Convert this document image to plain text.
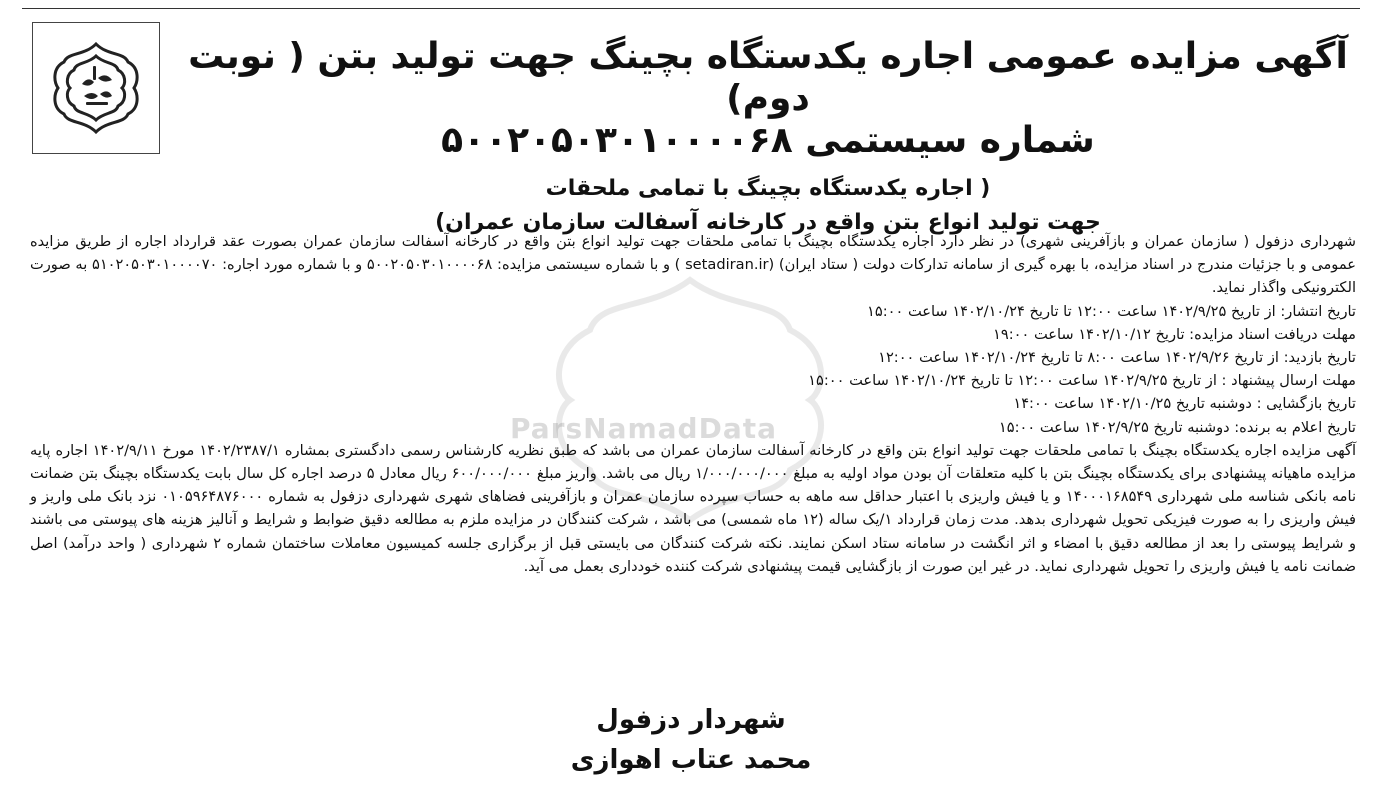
آگهی مزایده عمومی اجاره یکدستگاه بچینگ جهت تولید بتن ( نوبت دوم)
شماره سیستمی ۵۰۰۲۰۵۰۳۰۱۰۰۰۰۶۸
( اجاره یکدستگاه بچینگ با تمامی ملحقات
جهت تولید انواع بتن واقع در کارخانه آسفالت سازمان عمران)
ParsNamadData

شهرداری دزفول ( سازمان عمران و بازآفرینی شهری) در نظر دارد اجاره یکدستگاه بچینگ با تمامی ملحقات جهت تولید انواع بتن واقع در کارخانه آسفالت سازمان عمران بصورت عقد قرارداد اجاره از طریق مزایده عمومی و با جزئیات مندرج در اسناد مزایده، با بهره گیری از سامانه تدارکات دولت ( ستاد ایران) (setadiran.ir ) و با شماره سیستمی مزایده: ۵۰۰۲۰۵۰۳۰۱۰۰۰۰۶۸ و با شماره مورد اجاره: ۵۱۰۲۰۵۰۳۰۱۰۰۰۰۷۰ به صورت الکترونیکی واگذار نماید.

تاریخ انتشار: از تاریخ ۱۴۰۲/۹/۲۵ ساعت ۱۲:۰۰ تا تاریخ ۱۴۰۲/۱۰/۲۴ ساعت ۱۵:۰۰
مهلت دریافت اسناد مزایده: تاریخ ۱۴۰۲/۱۰/۱۲ ساعت ۱۹:۰۰
تاریخ بازدید: از تاریخ ۱۴۰۲/۹/۲۶ ساعت ۸:۰۰ تا تاریخ ۱۴۰۲/۱۰/۲۴ ساعت ۱۲:۰۰
مهلت ارسال پیشنهاد : از تاریخ ۱۴۰۲/۹/۲۵ ساعت ۱۲:۰۰ تا تاریخ ۱۴۰۲/۱۰/۲۴ ساعت ۱۵:۰۰
تاریخ بازگشایی : دوشنبه تاریخ ۱۴۰۲/۱۰/۲۵ ساعت ۱۴:۰۰
تاریخ اعلام به برنده: دوشنبه تاریخ ۱۴۰۲/۹/۲۵ ساعت ۱۵:۰۰

آگهی مزایده اجاره یکدستگاه بچینگ با تمامی ملحقات جهت تولید انواع بتن واقع در کارخانه آسفالت سازمان عمران می باشد که طبق نظریه کارشناس رسمی دادگستری بمشاره ۱۴۰۲/۲۳۸۷/۱ مورخ ۱۴۰۲/۹/۱۱ اجاره پایه مزایده ماهیانه پیشنهادی برای یکدستگاه بچینگ بتن با کلیه متعلقات آن بودن مواد اولیه به مبلغ ۱/۰۰۰/۰۰۰/۰۰۰ ریال می باشد. واریز مبلغ ۶۰۰/۰۰۰/۰۰۰ ریال معادل ۵ درصد اجاره کل سال بابت یکدستگاه بچینگ بتن ضمانت نامه بانکی شناسه ملی شهرداری ۱۴۰۰۰۱۶۸۵۴۹ و یا فیش واریزی با اعتبار حداقل سه ماهه به حساب سپرده سازمان عمران و بازآفرینی فضاهای شهری شهرداری دزفول به شماره ۰۱۰۵۹۶۴۸۷۶۰۰۰ نزد بانک ملی واریز و فیش واریزی را به صورت فیزیکی تحویل شهرداری بدهد. مدت زمان قرارداد ۱/یک ساله (۱۲ ماه شمسی) می باشد ، شرکت کنندگان در مزایده ملزم به مطالعه دقیق ضوابط و شرایط و آنالیز هزینه های پیوستی می باشند و شرایط پیوستی را بعد از مطالعه دقیق با امضاء و اثر انگشت در سامانه ستاد اسکن نمایند. نکته شرکت کنندگان می بایستی قبل از برگزاری جلسه کمیسیون معاملات ساختمان شماره ۲ شهرداری ( واحد درآمد) اصل ضمانت نامه یا فیش واریزی را تحویل شهرداری نماید. در غیر این صورت از بازگشایی قیمت پیشنهادی شرکت کننده خودداری بعمل می آید.

شهردار دزفول
محمد عتاب اهوازی
